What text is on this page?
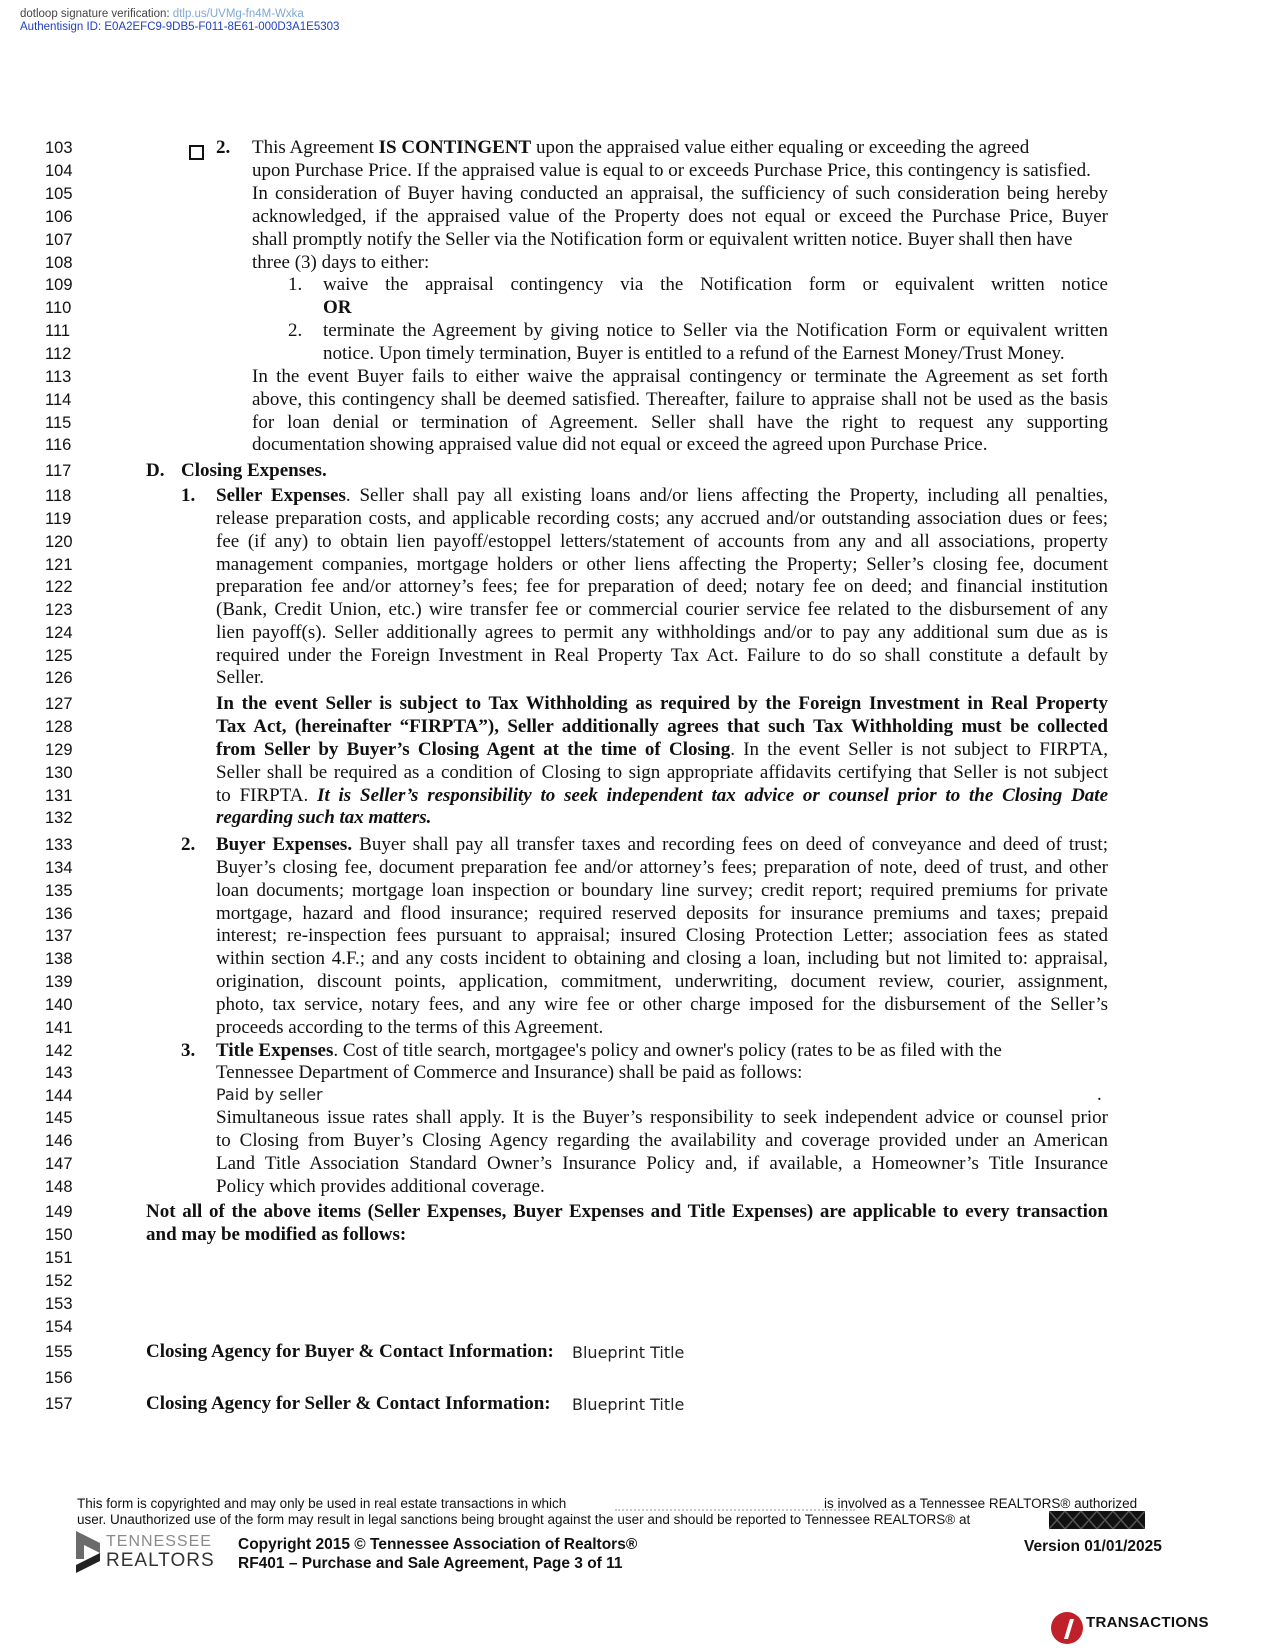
dotloop signature verification: dtlp.us/UVMg-fn4M-Wxka
Authentisign ID: E0A2EFC9-9DB5-F011-8E61-000D3A1E5303
103
104
105
106
107
108
109
110
111
112
113
114
115
116
117
118
119
120
121
122
123
124
125
126
127
128
129
130
131
132
133
134
135
136
137
138
139
140
141
142
143
144
145
146
147
148
149
150
151
152
153
154
155
156
157
2. This Agreement IS CONTINGENT upon the appraised value either equaling or exceeding the agreed
upon Purchase Price. If the appraised value is equal to or exceeds Purchase Price, this contingency is satisfied.
In consideration of Buyer having conducted an appraisal, the sufficiency of such consideration being hereby
acknowledged, if the appraised value of the Property does not equal or exceed the Purchase Price, Buyer
shall promptly notify the Seller via the Notification form or equivalent written notice. Buyer shall then have
three (3) days to either:
1. waive the appraisal contingency via the Notification form or equivalent written notice
OR
2. terminate the Agreement by giving notice to Seller via the Notification Form or equivalent written
notice. Upon timely termination, Buyer is entitled to a refund of the Earnest Money/Trust Money.
In the event Buyer fails to either waive the appraisal contingency or terminate the Agreement as set forth
above, this contingency shall be deemed satisfied. Thereafter, failure to appraise shall not be used as the basis
for loan denial or termination of Agreement. Seller shall have the right to request any supporting
documentation showing appraised value did not equal or exceed the agreed upon Purchase Price.
D. Closing Expenses.
1. Seller Expenses. Seller shall pay all existing loans and/or liens affecting the Property, including all penalties,
release preparation costs, and applicable recording costs; any accrued and/or outstanding association dues or fees;
fee (if any) to obtain lien payoff/estoppel letters/statement of accounts from any and all associations, property
management companies, mortgage holders or other liens affecting the Property; Seller’s closing fee, document
preparation fee and/or attorney’s fees; fee for preparation of deed; notary fee on deed; and financial institution
(Bank, Credit Union, etc.) wire transfer fee or commercial courier service fee related to the disbursement of any
lien payoff(s). Seller additionally agrees to permit any withholdings and/or to pay any additional sum due as is
required under the Foreign Investment in Real Property Tax Act. Failure to do so shall constitute a default by
Seller.
In the event Seller is subject to Tax Withholding as required by the Foreign Investment in Real Property
Tax Act, (hereinafter “FIRPTA”), Seller additionally agrees that such Tax Withholding must be collected
from Seller by Buyer’s Closing Agent at the time of Closing. In the event Seller is not subject to FIRPTA,
Seller shall be required as a condition of Closing to sign appropriate affidavits certifying that Seller is not subject
to FIRPTA. It is Seller’s responsibility to seek independent tax advice or counsel prior to the Closing Date
regarding such tax matters.
2. Buyer Expenses. Buyer shall pay all transfer taxes and recording fees on deed of conveyance and deed of trust;
Buyer’s closing fee, document preparation fee and/or attorney’s fees; preparation of note, deed of trust, and other
loan documents; mortgage loan inspection or boundary line survey; credit report; required premiums for private
mortgage, hazard and flood insurance; required reserved deposits for insurance premiums and taxes; prepaid
interest; re-inspection fees pursuant to appraisal; insured Closing Protection Letter; association fees as stated
within section 4.F.; and any costs incident to obtaining and closing a loan, including but not limited to: appraisal,
origination, discount points, application, commitment, underwriting, document review, courier, assignment,
photo, tax service, notary fees, and any wire fee or other charge imposed for the disbursement of the Seller’s
proceeds according to the terms of this Agreement.
3. Title Expenses. Cost of title search, mortgagee's policy and owner's policy (rates to be as filed with the
Tennessee Department of Commerce and Insurance) shall be paid as follows:
Paid by seller	.
Simultaneous issue rates shall apply. It is the Buyer’s responsibility to seek independent advice or counsel prior
to Closing from Buyer’s Closing Agency regarding the availability and coverage provided under an American
Land Title Association Standard Owner’s Insurance Policy and, if available, a Homeowner’s Title Insurance
Policy which provides additional coverage.
Not all of the above items (Seller Expenses, Buyer Expenses and Title Expenses) are applicable to every transaction
and may be modified as follows:
Closing Agency for Buyer & Contact Information: Blueprint Title
Closing Agency for Seller & Contact Information: Blueprint Title
This form is copyrighted and may only be used in real estate transactions in which	is involved as a Tennessee REALTORS® authorized
user. Unauthorized use of the form may result in legal sanctions being brought against the user and should be reported to Tennessee REALTORS® at
TENNESSEE
REALTORS
Copyright 2015 © Tennessee Association of Realtors®
RF401 – Purchase and Sale Agreement, Page 3 of 11
Version 01/01/2025
TRANSACTIONS
